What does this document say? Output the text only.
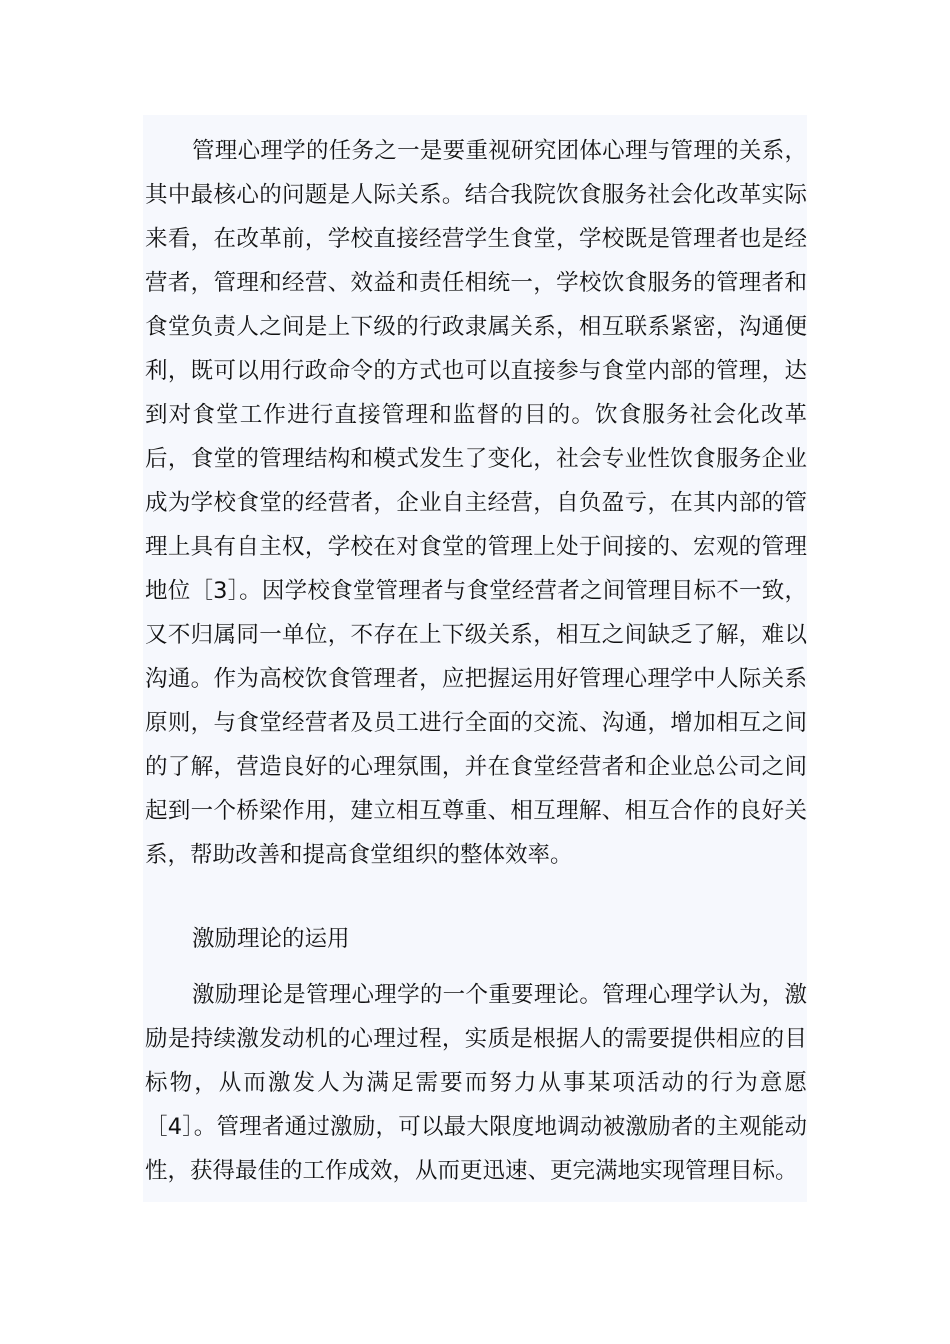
管理心理学的任务之一是要重视研究团体心理与管理的关系，其中最核心的问题是人际关系。结合我院饮食服务社会化改革实际来看，在改革前，学校直接经营学生食堂，学校既是管理者也是经营者，管理和经营、效益和责任相统一，学校饮食服务的管理者和食堂负责人之间是上下级的行政隶属关系，相互联系紧密，沟通便利，既可以用行政命令的方式也可以直接参与食堂内部的管理，达到对食堂工作进行直接管理和监督的目的。饮食服务社会化改革后，食堂的管理结构和模式发生了变化，社会专业性饮食服务企业成为学校食堂的经营者，企业自主经营，自负盈亏，在其内部的管理上具有自主权，学校在对食堂的管理上处于间接的、宏观的管理地位［3］。因学校食堂管理者与食堂经营者之间管理目标不一致，又不归属同一单位，不存在上下级关系，相互之间缺乏了解，难以沟通。作为高校饮食管理者，应把握运用好管理心理学中人际关系原则，与食堂经营者及员工进行全面的交流、沟通，增加相互之间的了解，营造良好的心理氛围，并在食堂经营者和企业总公司之间起到一个桥梁作用，建立相互尊重、相互理解、相互合作的良好关系，帮助改善和提高食堂组织的整体效率。

激励理论的运用

激励理论是管理心理学的一个重要理论。管理心理学认为，激励是持续激发动机的心理过程，实质是根据人的需要提供相应的目标物，从而激发人为满足需要而努力从事某项活动的行为意愿［4］。管理者通过激励，可以最大限度地调动被激励者的主观能动性，获得最佳的工作成效，从而更迅速、更完满地实现管理目标。
